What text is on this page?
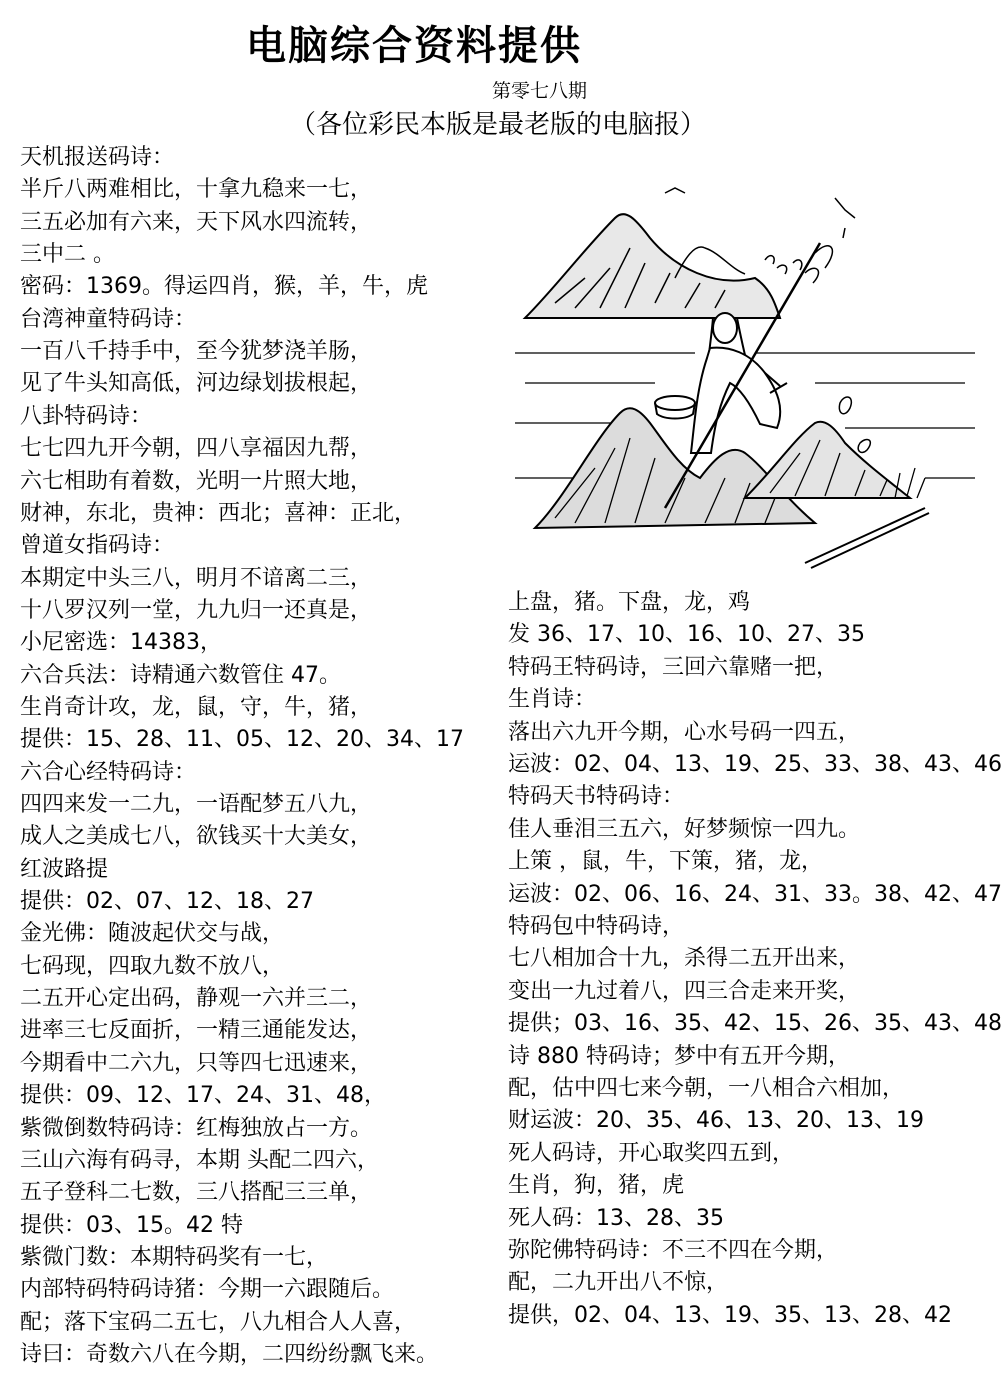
电脑综合资料提供
第零七八期
（各位彩民本版是最老版的电脑报）
天机报送码诗：
半斤八两难相比，十拿九稳来一七，
三五必加有六来，天下风水四流转，
三中二 。
密码：1369。得运四肖，猴，羊，牛，虎
台湾神童特码诗：
一百八千持手中，至今犹梦浇羊肠，
见了牛头知高低，河边绿划拔根起，
八卦特码诗：
七七四九开今朝，四八享福因九帮，
六七相助有着数，光明一片照大地，
财神，东北，贵神：西北；喜神：正北，
曾道女指码诗：
本期定中头三八，明月不谙离二三，
十八罗汉列一堂，九九归一还真是，
小尼密选：14383，
六合兵法：诗精通六数管住 47。
生肖奇计攻，龙，鼠，守，牛，猪，
提供：15、28、11、05、12、20、34、17
六合心经特码诗：
四四来发一二九，一语配梦五八九，
成人之美成七八，欲钱买十大美女，
红波路提
提供：02、07、12、18、27
金光佛：随波起伏交与战，
七码现，四取九数不放八，
二五开心定出码，静观一六并三二，
进率三七反面折，一精三通能发达，
今期看中二六九，只等四七迅速来，
提供：09、12、17、24、31、48，
紫微倒数特码诗：红梅独放占一方。
三山六海有码寻，本期 头配二四六，
五子登科二七数，三八搭配三三单，
提供：03、15。42 特
紫微门数：本期特码奖有一七，
内部特码特码诗猪：今期一六跟随后。
配；落下宝码二五七，八九相合人人喜，
诗曰：奇数六八在今期，二四纷纷飘飞来。
上盘，猪。下盘，龙，鸡
发 36、17、10、16、10、27、35
特码王特码诗，三回六靠赌一把，
生肖诗：
落出六九开今期，心水号码一四五，
运波：02、04、13、19、25、33、38、43、46
特码天书特码诗：
佳人垂泪三五六，好梦频惊一四九。
上策 ，鼠，牛，下策，猪，龙，
运波：02、06、16、24、31、33。38、42、47
特码包中特码诗，
七八相加合十九，杀得二五开出来，
变出一九过着八，四三合走来开奖，
提供；03、16、35、42、15、26、35、43、48
诗 880 特码诗；梦中有五开今期，
配，估中四七来今朝，一八相合六相加，
财运波：20、35、46、13、20、13、19
死人码诗，开心取奖四五到，
生肖，狗，猪，虎
死人码：13、28、35
弥陀佛特码诗：不三不四在今期，
配，二九开出八不惊，
提供，02、04、13、19、35、13、28、42
